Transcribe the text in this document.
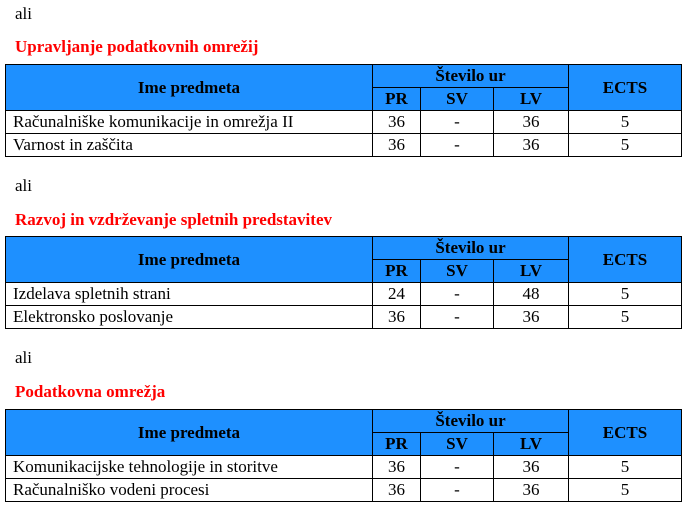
ali
Upravljanje podatkovnih omrežij
Ime predmeta	Število ur			ECTS
	PR	SV	LV	
Računalniške komunikacije in omrežja II	36	-	36	5
Varnost in zaščita	36	-	36	5
ali
Razvoj in vzdrževanje spletnih predstavitev
Ime predmeta	Število ur			ECTS
	PR	SV	LV	
Izdelava spletnih strani	24	-	48	5
Elektronsko poslovanje	36	-	36	5
ali
Podatkovna omrežja
Ime predmeta	Število ur			ECTS
	PR	SV	LV	
Komunikacijske tehnologije in storitve	36	-	36	5
Računalniško vodeni procesi	36	-	36	5
